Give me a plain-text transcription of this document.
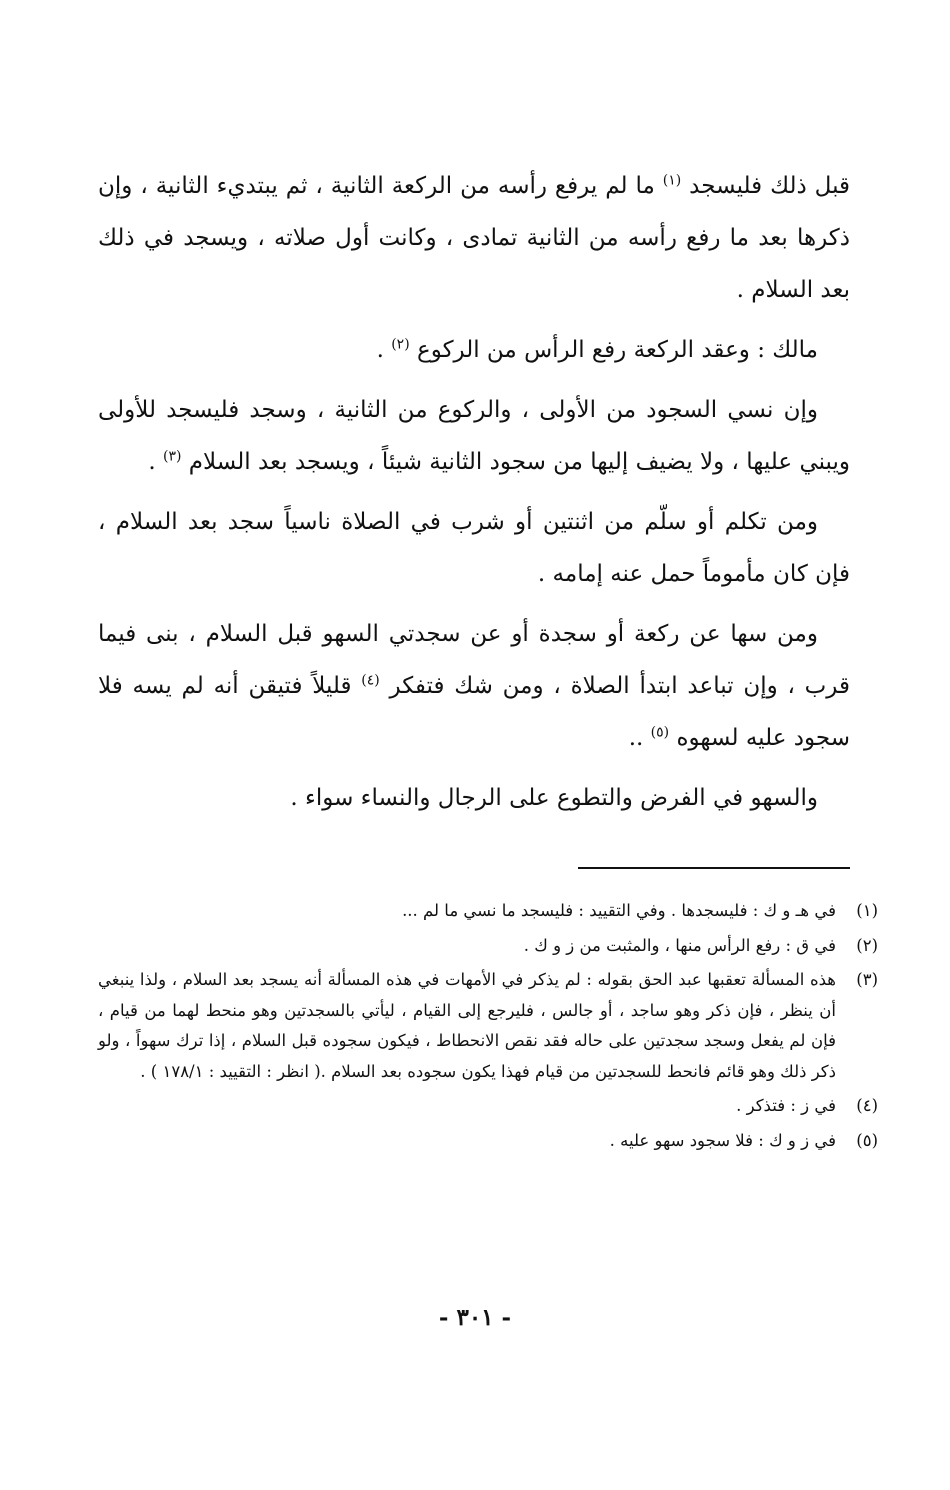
قبل ذلك فليسجد $^{(١)}$ ما لم يرفع رأسه من الركعة الثانية ، ثم يبتديء الثانية ، وإن ذكرها بعد ما رفع رأسه من الثانية تمادى ، وكانت أول صلاته ، ويسجد في ذلك بعد السلام .

مالك : وعقد الركعة رفع الرأس من الركوع $^{(٢)}$ .

وإن نسي السجود من الأولى ، والركوع من الثانية ، وسجد فليسجد للأولى ويبني عليها ، ولا يضيف إليها من سجود الثانية شيئاً ، ويسجد بعد السلام $^{(٣)}$ .

ومن تكلم أو سلّم من اثنتين أو شرب في الصلاة ناسياً سجد بعد السلام ، فإن كان مأموماً حمل عنه إمامه .

ومن سها عن ركعة أو سجدة أو عن سجدتي السهو قبل السلام ، بنى فيما قرب ، وإن تباعد ابتدأ الصلاة ، ومن شك فتفكر $^{(٤)}$ قليلاً فتيقن أنه لم يسه فلا سجود عليه لسهوه $^{(٥)}$ ..

والسهو في الفرض والتطوع على الرجال والنساء سواء .

(١)
في هـ و ك : فليسجدها . وفي التقييد : فليسجد ما نسي ما لم ...
(٢)
في ق : رفع الرأس منها ، والمثبت من ز و ك .
(٣)
هذه المسألة تعقبها عبد الحق بقوله : لم يذكر في الأمهات في هذه المسألة أنه يسجد بعد السلام ، ولذا ينبغي أن ينظر ، فإن ذكر وهو ساجد ، أو جالس ، فليرجع إلى القيام ، ليأتي بالسجدتين وهو منحط لهما من قيام ، فإن لم يفعل وسجد سجدتين على حاله فقد نقص الانحطاط ، فيكون سجوده قبل السلام ، إذا ترك سهواً ، ولو ذكر ذلك وهو قائم فانحط للسجدتين من قيام فهذا يكون سجوده بعد السلام .( انظر : التقييد : ١٧٨/١ ) .
(٤)
في ز : فتذكر .
(٥)
في ز و ك : فلا سجود سهو عليه .
- ٣٠١ -
